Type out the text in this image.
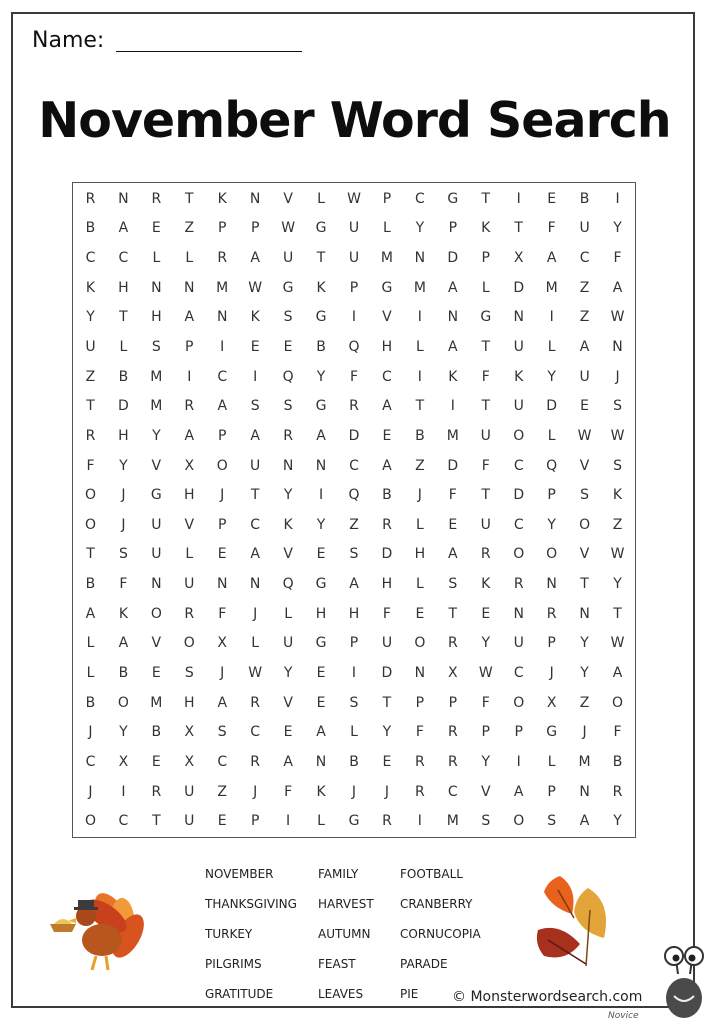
Name:
November Word Search
R	N	R	T	K	N	V	L	W	P	C	G	T	I	E	B	I
B	A	E	Z	P	P	W	G	U	L	Y	P	K	T	F	U	Y
C	C	L	L	R	A	U	T	U	M	N	D	P	X	A	C	F
K	H	N	N	M	W	G	K	P	G	M	A	L	D	M	Z	A
Y	T	H	A	N	K	S	G	I	V	I	N	G	N	I	Z	W
U	L	S	P	I	E	E	B	Q	H	L	A	T	U	L	A	N
Z	B	M	I	C	I	Q	Y	F	C	I	K	F	K	Y	U	J
T	D	M	R	A	S	S	G	R	A	T	I	T	U	D	E	S
R	H	Y	A	P	A	R	A	D	E	B	M	U	O	L	W	W
F	Y	V	X	O	U	N	N	C	A	Z	D	F	C	Q	V	S
O	J	G	H	J	T	Y	I	Q	B	J	F	T	D	P	S	K
O	J	U	V	P	C	K	Y	Z	R	L	E	U	C	Y	O	Z
T	S	U	L	E	A	V	E	S	D	H	A	R	O	O	V	W
B	F	N	U	N	N	Q	G	A	H	L	S	K	R	N	T	Y
A	K	O	R	F	J	L	H	H	F	E	T	E	N	R	N	T
L	A	V	O	X	L	U	G	P	U	O	R	Y	U	P	Y	W
L	B	E	S	J	W	Y	E	I	D	N	X	W	C	J	Y	A
B	O	M	H	A	R	V	E	S	T	P	P	F	O	X	Z	O
J	Y	B	X	S	C	E	A	L	Y	F	R	P	P	G	J	F
C	X	E	X	C	R	A	N	B	E	R	R	Y	I	L	M	B
J	I	R	U	Z	J	F	K	J	J	R	C	V	A	P	N	R
O	C	T	U	E	P	I	L	G	R	I	M	S	O	S	A	Y
NOVEMBER
THANKSGIVING
TURKEY
PILGRIMS
GRATITUDE
FAMILY
HARVEST
AUTUMN
FEAST
LEAVES
FOOTBALL
CRANBERRY
CORNUCOPIA
PARADE
PIE	© Monsterwordsearch.com
Novice
